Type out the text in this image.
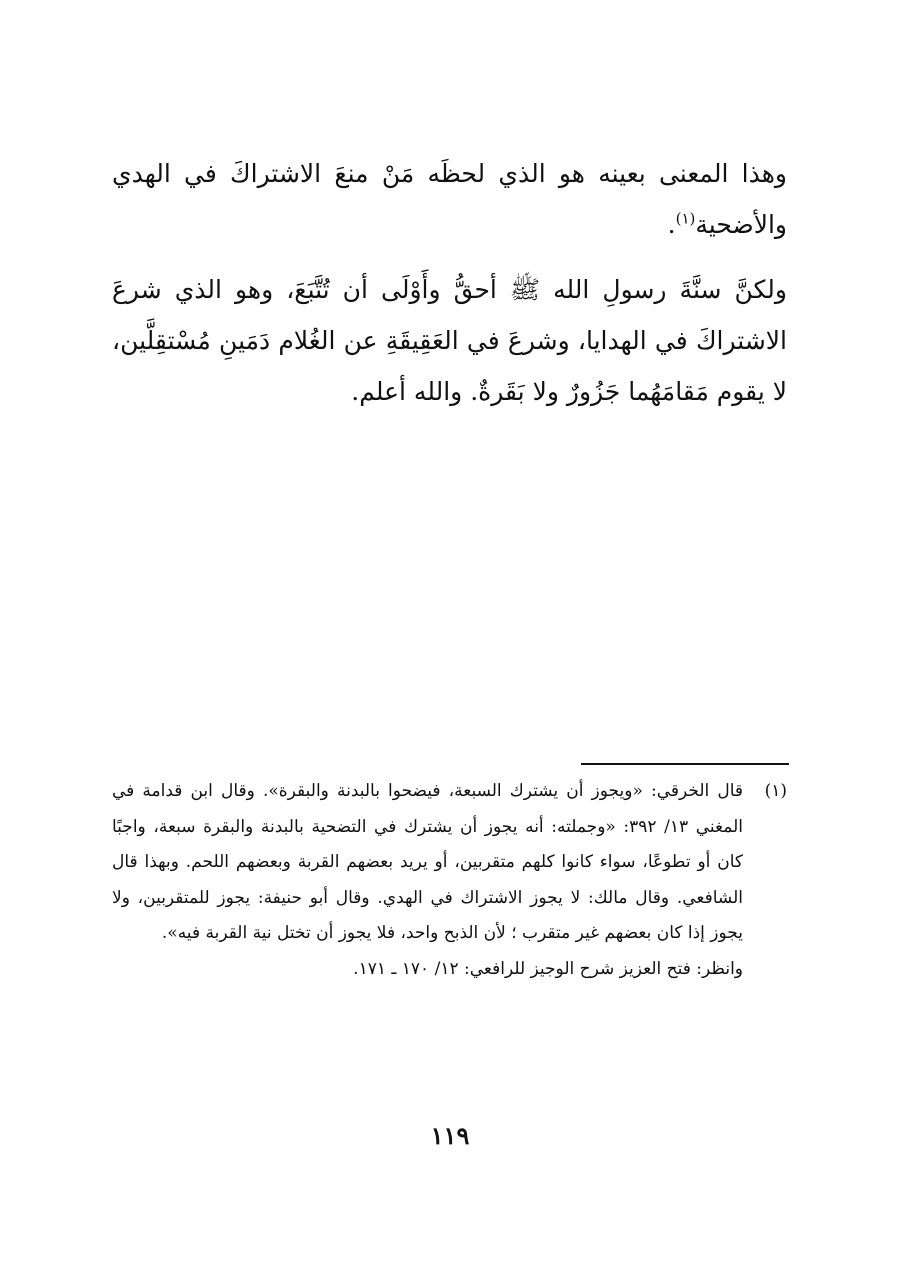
وهذا المعنى بعينه هو الذي لحظَه مَنْ منعَ الاشتراكَ في الهدي والأضحية$^{(١)}$.

ولكنَّ سنَّةَ رسولِ الله ﷺ أحقُّ وأَوْلَى أن تُتَّبَعَ، وهو الذي شرعَ الاشتراكَ في الهدايا، وشرعَ في العَقِيقَةِ عن الغُلام دَمَينِ مُسْتقِلَّين، لا يقوم مَقامَهُما جَزُورٌ ولا بَقَرةٌ. والله أعلم.

(١)

قال الخرقي: «ويجوز أن يشترك السبعة، فيضحوا بالبدنة والبقرة». وقال ابن قدامة في المغني ١٣/ ٣٩٢: «وجملته: أنه يجوز أن يشترك في التضحية بالبدنة والبقرة سبعة، واجبًا كان أو تطوعًا، سواء كانوا كلهم متقربين، أو يريد بعضهم القربة وبعضهم اللحم. وبهذا قال الشافعي. وقال مالك: لا يجوز الاشتراك في الهدي. وقال أبو حنيفة: يجوز للمتقربين، ولا يجوز إذا كان بعضهم غير متقرب ؛ لأن الذبح واحد، فلا يجوز أن تختل نية القربة فيه».

وانظر: فتح العزيز شرح الوجيز للرافعي: ١٢/ ١٧٠ ـ ١٧١.

١١٩
